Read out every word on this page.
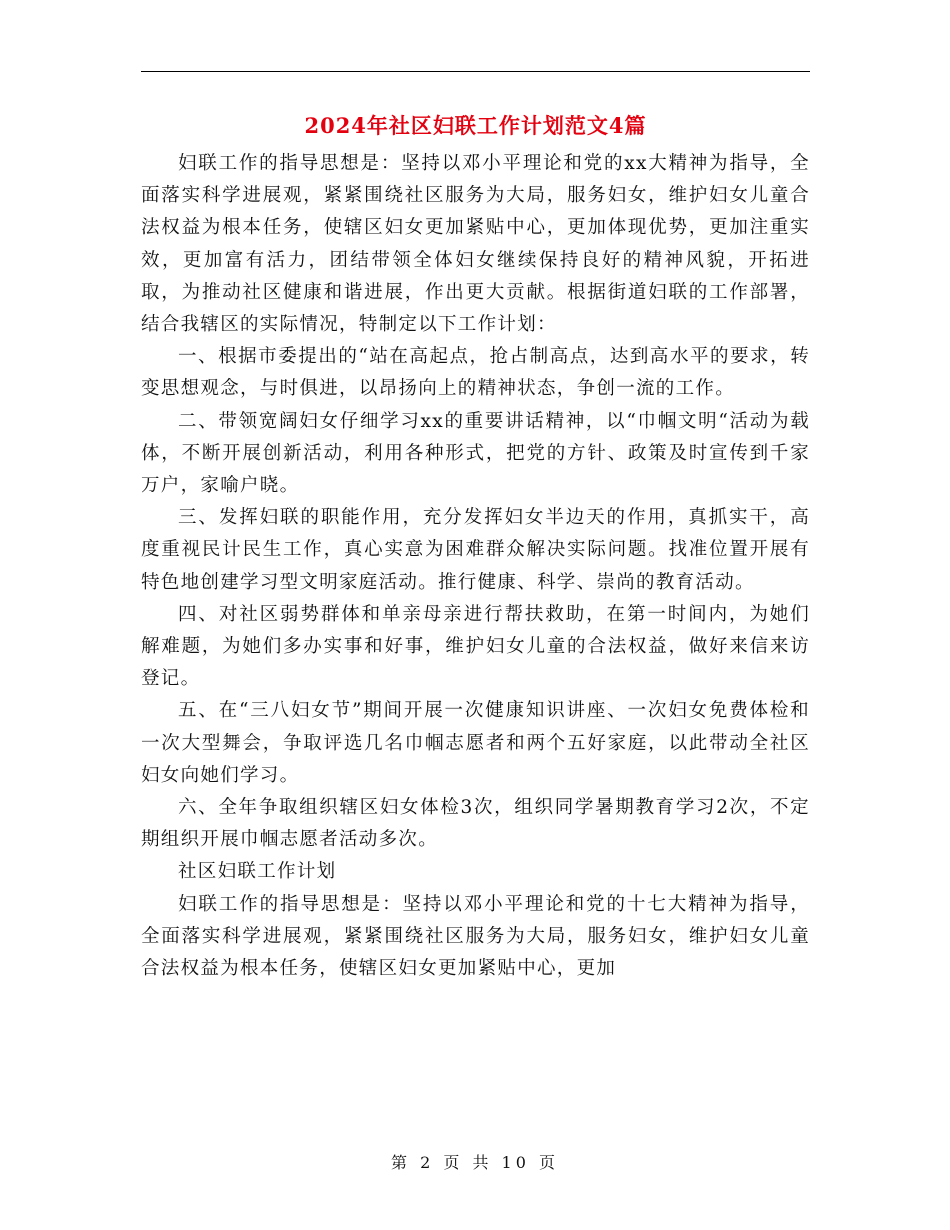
2024年社区妇联工作计划范文4篇

妇联工作的指导思想是：坚持以邓小平理论和党的xx大精神为指导，全面落实科学进展观，紧紧围绕社区服务为大局，服务妇女，维护妇女儿童合法权益为根本任务，使辖区妇女更加紧贴中心，更加体现优势，更加注重实效，更加富有活力，团结带领全体妇女继续保持良好的精神风貌，开拓进取，为推动社区健康和谐进展，作出更大贡献。根据街道妇联的工作部署，结合我辖区的实际情况，特制定以下工作计划：

一、根据市委提出的“站在高起点，抢占制高点，达到高水平的要求，转变思想观念，与时俱进，以昂扬向上的精神状态，争创一流的工作。

二、带领宽阔妇女仔细学习xx的重要讲话精神，以“巾帼文明“活动为载体，不断开展创新活动，利用各种形式，把党的方针、政策及时宣传到千家万户，家喻户晓。

三、发挥妇联的职能作用，充分发挥妇女半边天的作用，真抓实干，高度重视民计民生工作，真心实意为困难群众解决实际问题。找准位置开展有特色地创建学习型文明家庭活动。推行健康、科学、崇尚的教育活动。

四、对社区弱势群体和单亲母亲进行帮扶救助，在第一时间内，为她们解难题，为她们多办实事和好事，维护妇女儿童的合法权益，做好来信来访登记。

五、在“三八妇女节”期间开展一次健康知识讲座、一次妇女免费体检和一次大型舞会，争取评选几名巾帼志愿者和两个五好家庭，以此带动全社区妇女向她们学习。

六、全年争取组织辖区妇女体检3次，组织同学暑期教育学习2次，不定期组织开展巾帼志愿者活动多次。

社区妇联工作计划

妇联工作的指导思想是：坚持以邓小平理论和党的十七大精神为指导，全面落实科学进展观，紧紧围绕社区服务为大局，服务妇女，维护妇女儿童合法权益为根本任务，使辖区妇女更加紧贴中心，更加

第 2 页 共 10 页
